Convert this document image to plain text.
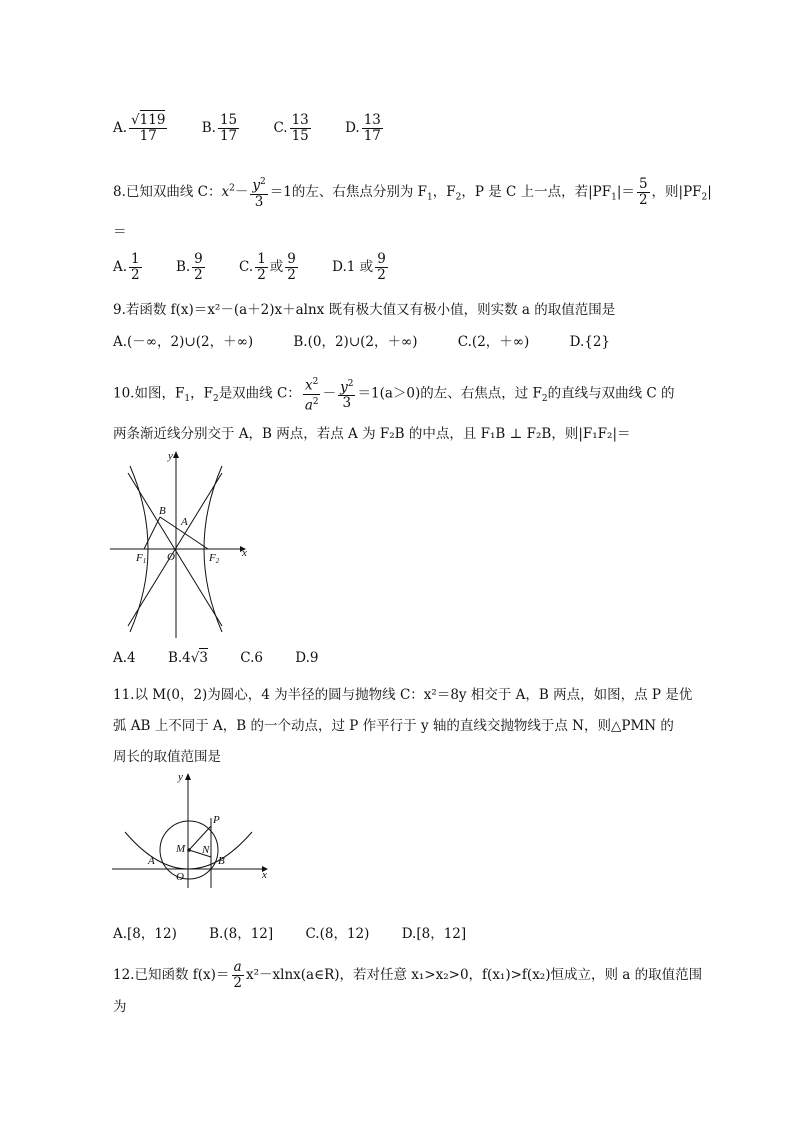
A. $\frac{√119}{17}$	B. $\frac{15}{17}$	C. $\frac{13}{15}$	D. $\frac{13}{17}$
8.已知双曲线 C：$x^2- \frac{y^2}{3} =1$的左、右焦点分别为 $F_1$，$F_2$，P 是 C 上一点，若$|PF_1|= \frac{5}{2}$ ，则$|PF_2|$
＝
A. $\frac{1}{2}$	B. $\frac{9}{2}$	C. $\frac{1}{2}$ 或 $\frac{9}{2}$	D.1 或 $\frac{9}{2}$
9.若函数 f(x)＝x²－(a＋2)x＋alnx 既有极大值又有极小值，则实数 a 的取值范围是
A.(－∞，2)∪(2，＋∞)	B.(0，2)∪(2，＋∞)	C.(2，＋∞)	D.{2}
10.如图，$F_1$，$F_2$是双曲线 C： $\frac{x^2}{a^2} - \frac{y^2}{3} =1(a>0)$的左、右焦点，过 $F_2$的直线与双曲线 C 的
两条渐近线分别交于 A，B 两点，若点 A 为 F₂B 的中点，且 F₁B ⊥ F₂B，则|F₁F₂|＝
y
x
B
A
O
F1	F2
A.4 B.4√3 C.6 D.9
11.以 M(0，2)为圆心，4 为半径的圆与抛物线 C：x²＝8y 相交于 A，B 两点，如图，点 P 是优
弧 AB 上不同于 A，B 的一个动点，过 P 作平行于 y 轴的直线交抛物线于点 N，则△PMN 的
周长的取值范围是
y
x
P
M N
A	B
O
A.[8，12) B.(8，12] C.(8，12) D.[8，12]
12.已知函数 $f(x)= \frac{a}{2}$ x²－xlnx(a∈R)，若对任意 x₁>x₂>0，f(x₁)>f(x₂)恒成立，则 a 的取值范围
为
